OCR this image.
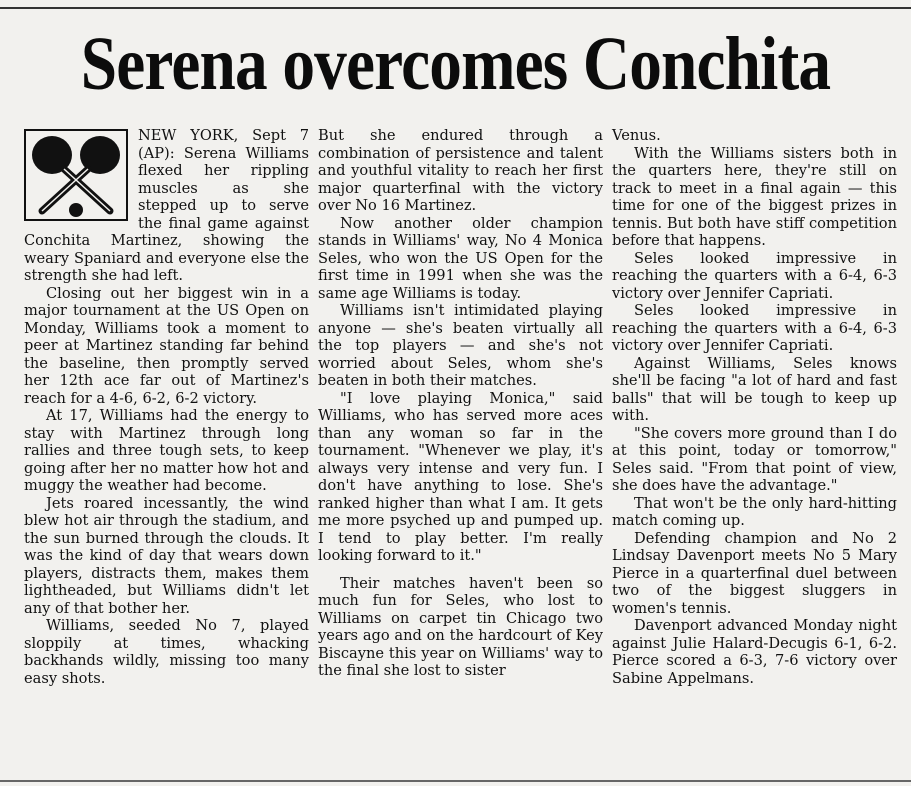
Serena overcomes Conchita

NEW YORK, Sept 7 (AP): Serena Williams flexed her rippling muscles as she stepped up to serve the final game against Conchita Martinez, showing the weary Spaniard and everyone else the strength she had left.

Closing out her biggest win in a major tournament at the US Open on Monday, Williams took a moment to peer at Martinez standing far behind the baseline, then promptly served her 12th ace far out of Martinez's reach for a 4-6, 6-2, 6-2 victory.

At 17, Williams had the energy to stay with Martinez through long rallies and three tough sets, to keep going after her no matter how hot and muggy the weather had become.

Jets roared incessantly, the wind blew hot air through the stadium, and the sun burned through the clouds. It was the kind of day that wears down players, distracts them, makes them lightheaded, but Williams didn't let any of that bother her.

Williams, seeded No 7, played sloppily at times, whacking backhands wildly, missing too many easy shots.

But she endured through a combination of persistence and talent and youthful vitality to reach her first major quarterfinal with the victory over No 16 Martinez.

Now another older champion stands in Williams' way, No 4 Monica Seles, who won the US Open for the first time in 1991 when she was the same age Williams is today.

Williams isn't intimidated playing anyone — she's beaten virtually all the top players — and she's not worried about Seles, whom she's beaten in both their matches.

"I love playing Monica," said Williams, who has served more aces than any woman so far in the tournament. "Whenever we play, it's always very intense and very fun. I don't have anything to lose. She's ranked higher than what I am. It gets me more psyched up and pumped up. I tend to play better. I'm really looking forward to it."

Their matches haven't been so much fun for Seles, who lost to Williams on carpet tin Chicago two years ago and on the hardcourt of Key Biscayne this year on Williams' way to the final she lost to sister

Venus.

With the Williams sisters both in the quarters here, they're still on track to meet in a final again — this time for one of the biggest prizes in tennis. But both have stiff competition before that happens.

Seles looked impressive in reaching the quarters with a 6-4, 6-3 victory over Jennifer Capriati.

Seles looked impressive in reaching the quarters with a 6-4, 6-3 victory over Jennifer Capriati.

Against Williams, Seles knows she'll be facing "a lot of hard and fast balls" that will be tough to keep up with.

"She covers more ground than I do at this point, today or tomorrow," Seles said. "From that point of view, she does have the advantage."

That won't be the only hard-hitting match coming up.

Defending champion and No 2 Lindsay Davenport meets No 5 Mary Pierce in a quarterfinal duel between two of the biggest sluggers in women's tennis.

Davenport advanced Monday night against Julie Halard-Decugis 6-1, 6-2. Pierce scored a 6-3, 7-6 victory over Sabine Appelmans.
